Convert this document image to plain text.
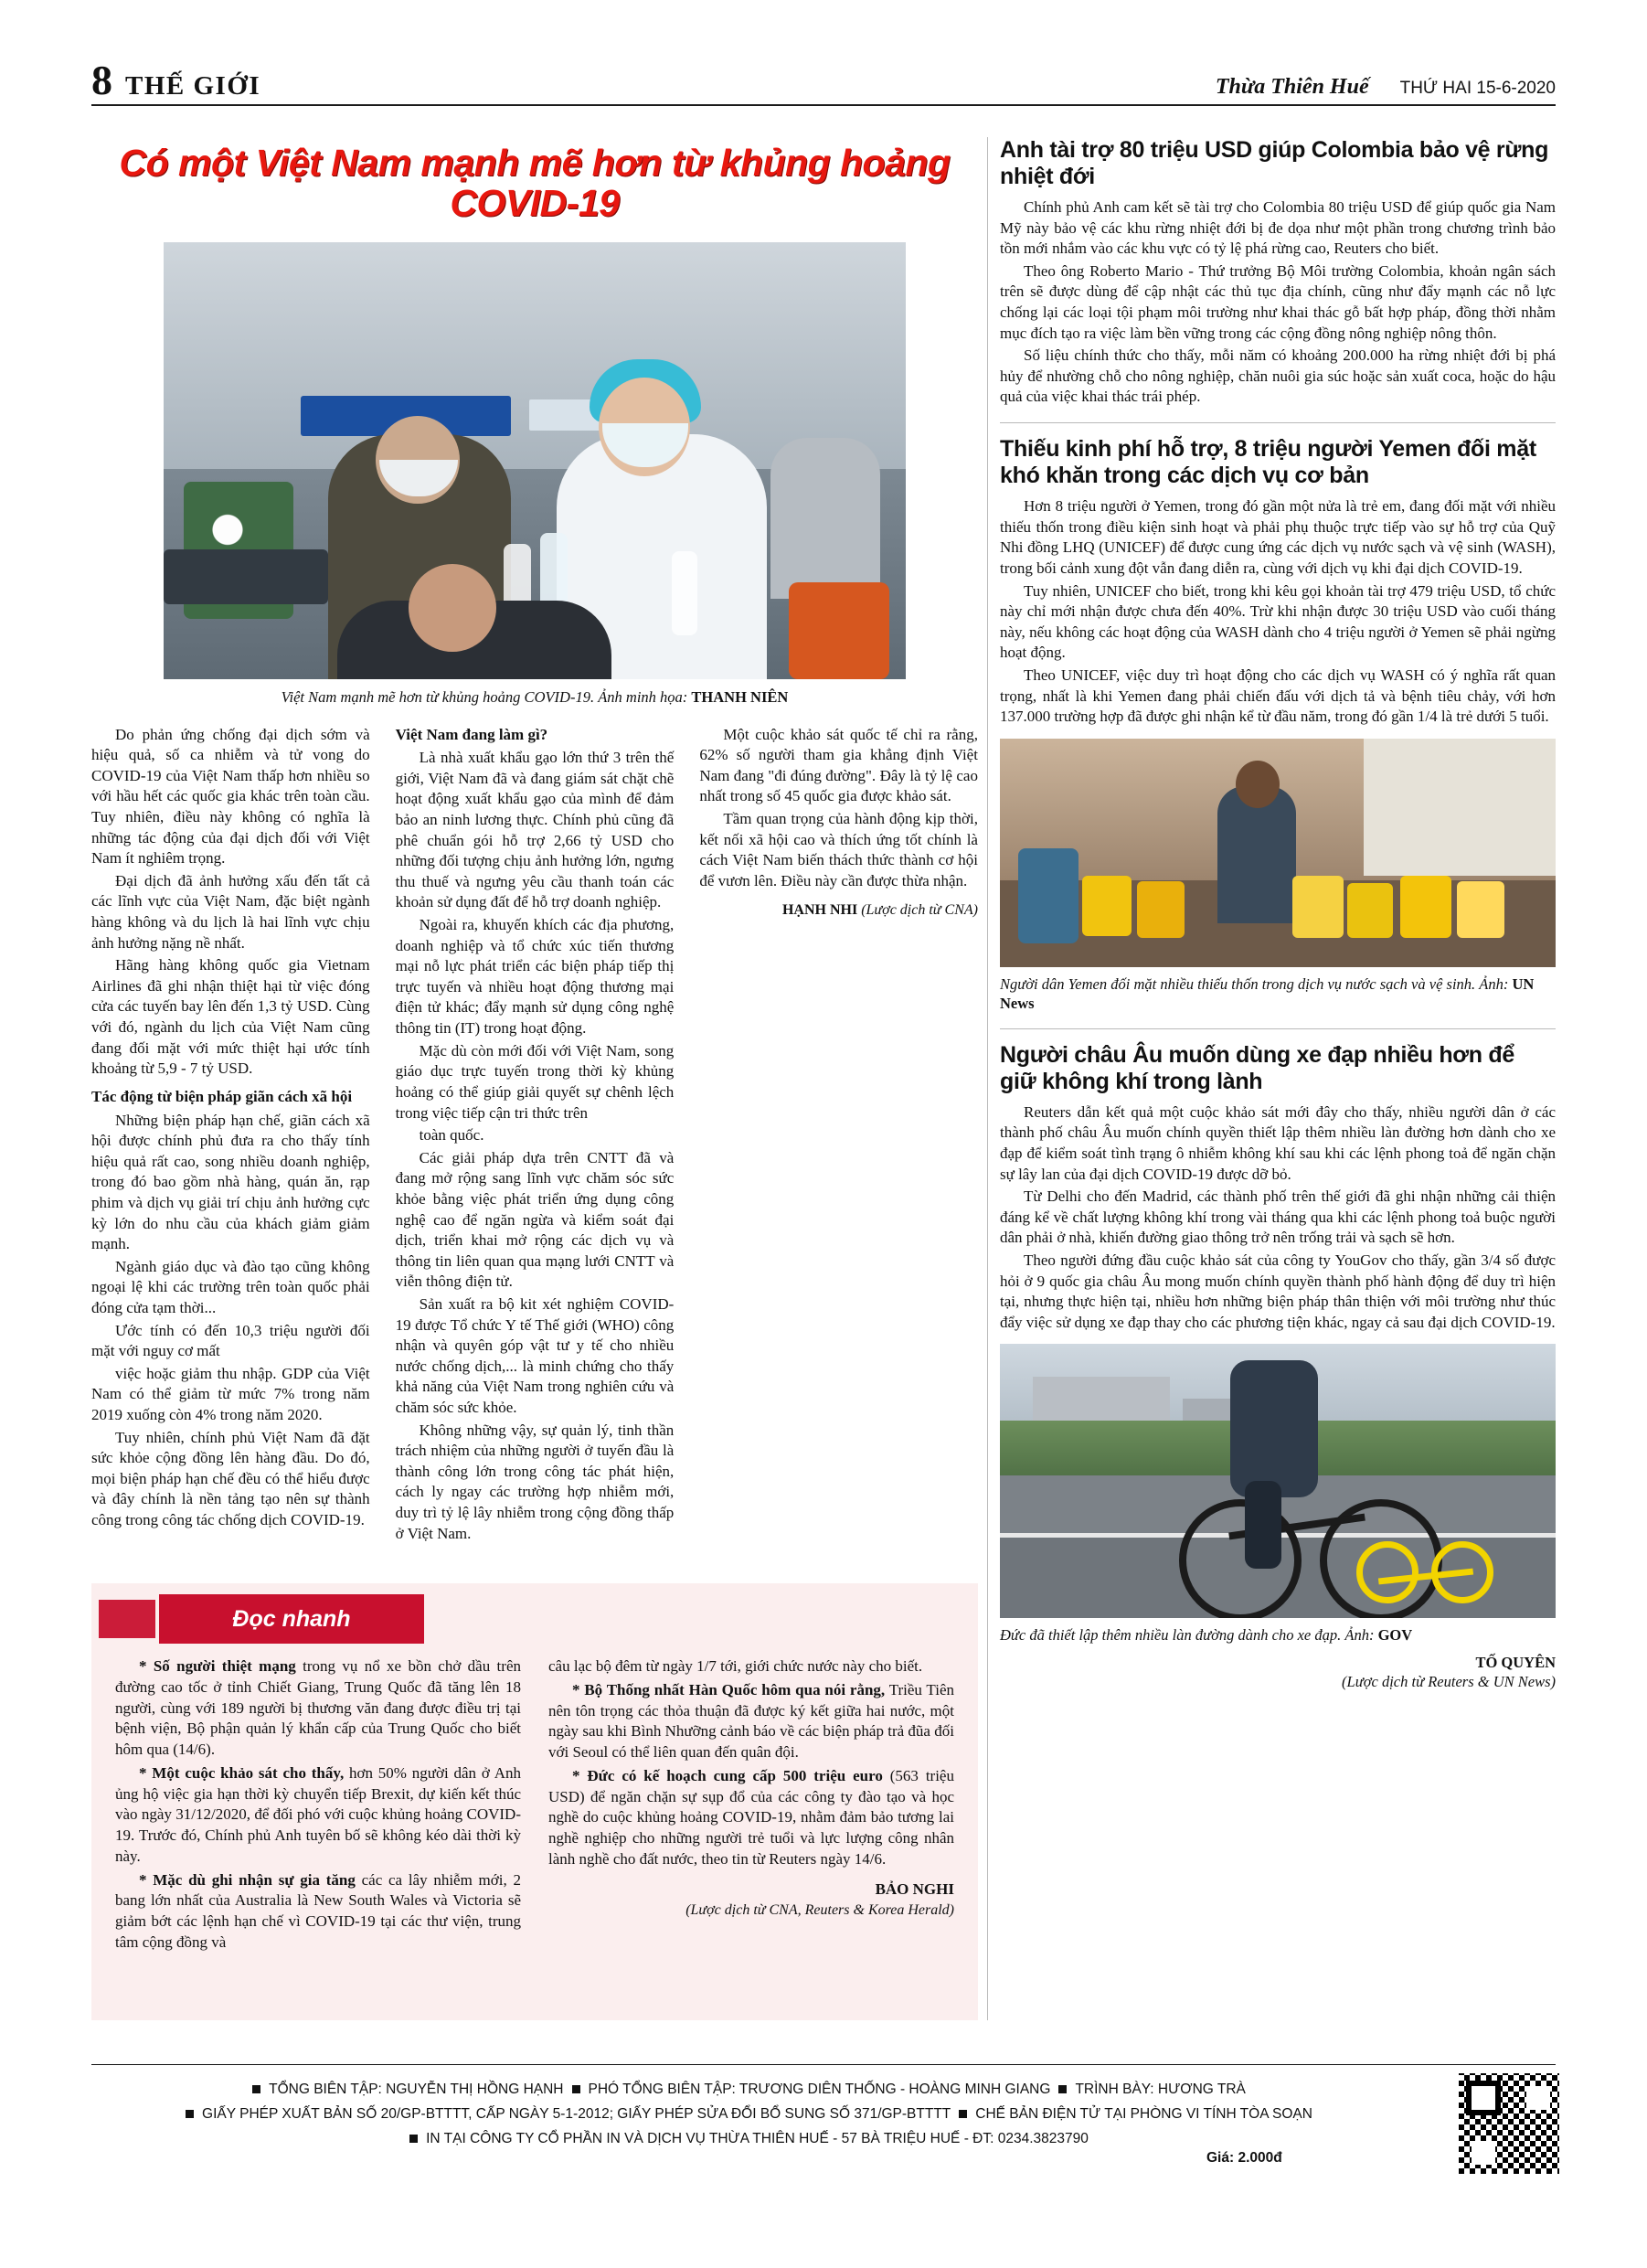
8 THẾ GIỚI	Thừa Thiên Huế THỨ HAI 15-6-2020
Có một Việt Nam mạnh mẽ hơn từ khủng hoảng COVID-19
Việt Nam mạnh mẽ hơn từ khủng hoảng COVID-19. Ảnh minh họa: THANH NIÊN

Do phản ứng chống đại dịch sớm và hiệu quả, số ca nhiễm và tử vong do COVID-19 của Việt Nam thấp hơn nhiều so với hầu hết các quốc gia khác trên toàn cầu. Tuy nhiên, điều này không có nghĩa là những tác động của đại dịch đối với Việt Nam ít nghiêm trọng.

Đại dịch đã ảnh hưởng xấu đến tất cả các lĩnh vực của Việt Nam, đặc biệt ngành hàng không và du lịch là hai lĩnh vực chịu ảnh hưởng nặng nề nhất.

Hãng hàng không quốc gia Vietnam Airlines đã ghi nhận thiệt hại từ việc đóng cửa các tuyến bay lên đến 1,3 tỷ USD. Cùng với đó, ngành du lịch của Việt Nam cũng đang đối mặt với mức thiệt hại ước tính khoảng từ 5,9 - 7 tỷ USD.

Tác động từ biện pháp giãn cách xã hội

Những biện pháp hạn chế, giãn cách xã hội được chính phủ đưa ra cho thấy tính hiệu quả rất cao, song nhiều doanh nghiệp, trong đó bao gồm nhà hàng, quán ăn, rạp phim và dịch vụ giải trí chịu ảnh hưởng cực kỳ lớn do nhu cầu của khách giảm giảm mạnh.

Ngành giáo dục và đào tạo cũng không ngoại lệ khi các trường trên toàn quốc phải đóng cửa tạm thời...

Ước tính có đến 10,3 triệu người đối mặt với nguy cơ mất

việc hoặc giảm thu nhập. GDP của Việt Nam có thể giảm từ mức 7% trong năm 2019 xuống còn 4% trong năm 2020.

Tuy nhiên, chính phủ Việt Nam đã đặt sức khỏe cộng đồng lên hàng đầu. Do đó, mọi biện pháp hạn chế đều có thể hiểu được và đây chính là nền tảng tạo nên sự thành công trong công tác chống dịch COVID-19.

Việt Nam đang làm gì?

Là nhà xuất khẩu gạo lớn thứ 3 trên thế giới, Việt Nam đã và đang giám sát chặt chẽ hoạt động xuất khẩu gạo của mình để đảm bảo an ninh lương thực. Chính phủ cũng đã phê chuẩn gói hỗ trợ 2,66 tỷ USD cho những đối tượng chịu ảnh hưởng lớn, ngưng thu thuế và ngưng yêu cầu thanh toán các khoản sử dụng đất để hỗ trợ doanh nghiệp.

Ngoài ra, khuyến khích các địa phương, doanh nghiệp và tổ chức xúc tiến thương mại nỗ lực phát triển các biện pháp tiếp thị trực tuyến và nhiều hoạt động thương mại điện tử khác; đẩy mạnh sử dụng công nghệ thông tin (IT) trong hoạt động.

Mặc dù còn mới đối với Việt Nam, song giáo dục trực tuyến trong thời kỳ khủng hoảng có thể giúp giải quyết sự chênh lệch trong việc tiếp cận tri thức trên

toàn quốc.

Các giải pháp dựa trên CNTT đã và đang mở rộng sang lĩnh vực chăm sóc sức khỏe bằng việc phát triển ứng dụng công nghệ cao để ngăn ngừa và kiểm soát đại dịch, triển khai mở rộng các dịch vụ và thông tin liên quan qua mạng lưới CNTT và viễn thông điện tử.

Sản xuất ra bộ kit xét nghiệm COVID-19 được Tổ chức Y tế Thế giới (WHO) công nhận và quyên góp vật tư y tế cho nhiều nước chống dịch,... là minh chứng cho thấy khả năng của Việt Nam trong nghiên cứu và chăm sóc sức khỏe.

Không những vậy, sự quản lý, tinh thần trách nhiệm của những người ở tuyến đầu là thành công lớn trong công tác phát hiện, cách ly ngay các trường hợp nhiễm mới, duy trì tỷ lệ lây nhiễm trong cộng đồng thấp ở Việt Nam.

Một cuộc khảo sát quốc tế chỉ ra rằng, 62% số người tham gia khẳng định Việt Nam đang "đi đúng đường". Đây là tỷ lệ cao nhất trong số 45 quốc gia được khảo sát.

Tầm quan trọng của hành động kịp thời, kết nối xã hội cao và thích ứng tốt chính là cách Việt Nam biến thách thức thành cơ hội để vươn lên. Điều này cần được thừa nhận.

HẠNH NHI (Lược dịch từ CNA)

Anh tài trợ 80 triệu USD giúp Colombia bảo vệ rừng nhiệt đới

Chính phủ Anh cam kết sẽ tài trợ cho Colombia 80 triệu USD để giúp quốc gia Nam Mỹ này bảo vệ các khu rừng nhiệt đới bị đe dọa như một phần trong chương trình bảo tồn mới nhắm vào các khu vực có tỷ lệ phá rừng cao, Reuters cho biết.

Theo ông Roberto Mario - Thứ trưởng Bộ Môi trường Colombia, khoản ngân sách trên sẽ được dùng để cập nhật các thủ tục địa chính, cũng như đẩy mạnh các nỗ lực chống lại các loại tội phạm môi trường như khai thác gỗ bất hợp pháp, đồng thời nhằm mục đích tạo ra việc làm bền vững trong các cộng đồng nông nghiệp nông thôn.

Số liệu chính thức cho thấy, mỗi năm có khoảng 200.000 ha rừng nhiệt đới bị phá hủy để nhường chỗ cho nông nghiệp, chăn nuôi gia súc hoặc sản xuất coca, hoặc do hậu quả của việc khai thác trái phép.

Thiếu kinh phí hỗ trợ, 8 triệu người Yemen đối mặt khó khăn trong các dịch vụ cơ bản

Hơn 8 triệu người ở Yemen, trong đó gần một nửa là trẻ em, đang đối mặt với nhiều thiếu thốn trong điều kiện sinh hoạt và phải phụ thuộc trực tiếp vào sự hỗ trợ của Quỹ Nhi đồng LHQ (UNICEF) để được cung ứng các dịch vụ nước sạch và vệ sinh (WASH), trong bối cảnh xung đột vẫn đang diễn ra, cùng với dịch vụ khi đại dịch COVID-19.

Tuy nhiên, UNICEF cho biết, trong khi kêu gọi khoản tài trợ 479 triệu USD, tổ chức này chỉ mới nhận được chưa đến 40%. Trừ khi nhận được 30 triệu USD vào cuối tháng này, nếu không các hoạt động của WASH dành cho 4 triệu người ở Yemen sẽ phải ngừng hoạt động.

Theo UNICEF, việc duy trì hoạt động cho các dịch vụ WASH có ý nghĩa rất quan trọng, nhất là khi Yemen đang phải chiến đấu với dịch tả và bệnh tiêu chảy, với hơn 137.000 trường hợp đã được ghi nhận kể từ đầu năm, trong đó gần 1/4 là trẻ dưới 5 tuổi.

Người dân Yemen đối mặt nhiều thiếu thốn trong dịch vụ nước sạch và vệ sinh. Ảnh: UN News

Người châu Âu muốn dùng xe đạp nhiều hơn để giữ không khí trong lành

Reuters dẫn kết quả một cuộc khảo sát mới đây cho thấy, nhiều người dân ở các thành phố châu Âu muốn chính quyền thiết lập thêm nhiều làn đường hơn dành cho xe đạp để kiểm soát tình trạng ô nhiễm không khí sau khi các lệnh phong toả để ngăn chặn sự lây lan của đại dịch COVID-19 được dỡ bỏ.

Từ Delhi cho đến Madrid, các thành phố trên thế giới đã ghi nhận những cải thiện đáng kể về chất lượng không khí trong vài tháng qua khi các lệnh phong toả buộc người dân phải ở nhà, khiến đường giao thông trở nên trống trải và sạch sẽ hơn.

Theo người đứng đầu cuộc khảo sát của công ty YouGov cho thấy, gần 3/4 số được hỏi ở 9 quốc gia châu Âu mong muốn chính quyền thành phố hành động để duy trì hiện tại, nhưng thực hiện tại, nhiều hơn những biện pháp thân thiện với môi trường như thúc đẩy việc sử dụng xe đạp thay cho các phương tiện khác, ngay cả sau đại dịch COVID-19.

Đức đã thiết lập thêm nhiều làn đường dành cho xe đạp. Ảnh: GOV

TỐ QUYÊN
(Lược dịch từ Reuters & UN News)

Đọc nhanh

* Số người thiệt mạng trong vụ nổ xe bồn chở dầu trên đường cao tốc ở tỉnh Chiết Giang, Trung Quốc đã tăng lên 18 người, cùng với 189 người bị thương văn đang được điều trị tại bệnh viện, Bộ phận quản lý khẩn cấp của Trung Quốc cho biết hôm qua (14/6).

* Một cuộc khảo sát cho thấy, hơn 50% người dân ở Anh ủng hộ việc gia hạn thời kỳ chuyển tiếp Brexit, dự kiến kết thúc vào ngày 31/12/2020, để đối phó với cuộc khủng hoảng COVID-19. Trước đó, Chính phủ Anh tuyên bố sẽ không kéo dài thời kỳ này.

* Mặc dù ghi nhận sự gia tăng các ca lây nhiễm mới, 2 bang lớn nhất của Australia là New South Wales và Victoria sẽ giảm bớt các lệnh hạn chế vì COVID-19 tại các thư viện, trung tâm cộng đồng và

câu lạc bộ đêm từ ngày 1/7 tới, giới chức nước này cho biết.

* Bộ Thống nhất Hàn Quốc hôm qua nói rằng, Triều Tiên nên tôn trọng các thỏa thuận đã được ký kết giữa hai nước, một ngày sau khi Bình Nhưỡng cảnh báo về các biện pháp trả đũa đối với Seoul có thể liên quan đến quân đội.

* Đức có kế hoạch cung cấp 500 triệu euro (563 triệu USD) để ngăn chặn sự sụp đổ của các công ty đào tạo và học nghề do cuộc khủng hoảng COVID-19, nhằm đảm bảo tương lai nghề nghiệp cho những người trẻ tuổi và lực lượng công nhân lành nghề cho đất nước, theo tin từ Reuters ngày 14/6.

BẢO NGHI
(Lược dịch từ CNA, Reuters & Korea Herald)

TỔNG BIÊN TẬP: NGUYỄN THỊ HỒNG HẠNH PHÓ TỔNG BIÊN TẬP: TRƯƠNG DIÊN THỐNG - HOÀNG MINH GIANG TRÌNH BÀY: HƯƠNG TRÀ
GIẤY PHÉP XUẤT BẢN SỐ 20/GP-BTTTT, CẤP NGÀY 5-1-2012; GIẤY PHÉP SỬA ĐỔI BỔ SUNG SỐ 371/GP-BTTTT CHẾ BẢN ĐIỆN TỬ TẠI PHÒNG VI TÍNH TÒA SOẠN
IN TẠI CÔNG TY CỔ PHẦN IN VÀ DỊCH VỤ THỪA THIÊN HUẾ - 57 BÀ TRIỆU HUẾ - ĐT: 0234.3823790
Giá: 2.000đ
